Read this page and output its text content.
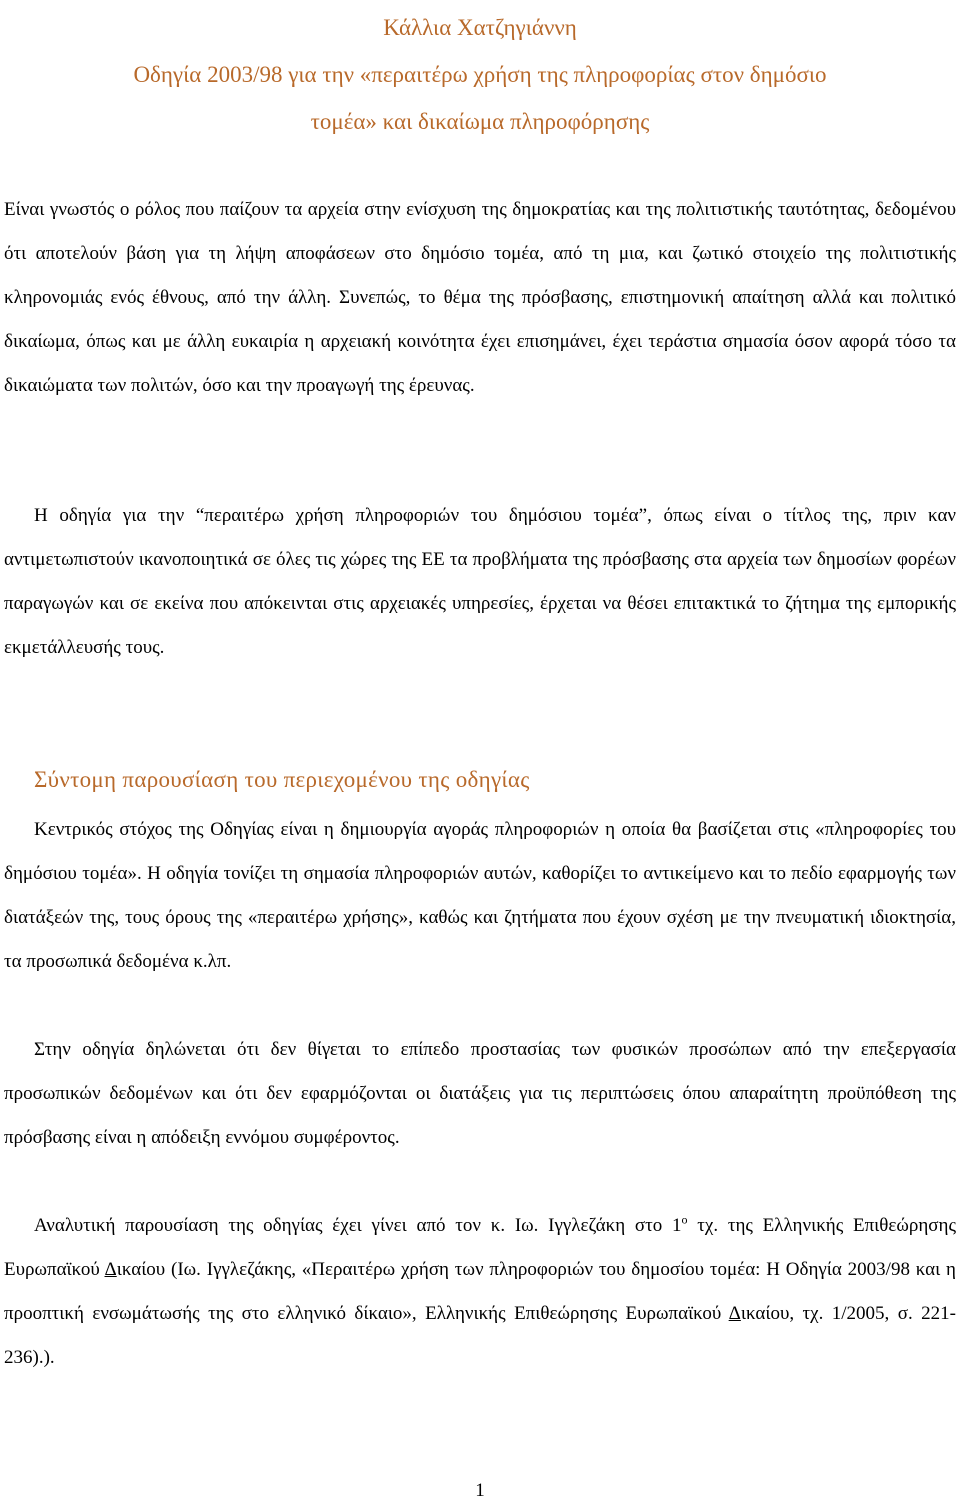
Κάλλια Χατζηγιάννη
Οδηγία 2003/98 για την «περαιτέρω χρήση της πληροφορίας στον δημόσιο
τομέα» και δικαίωμα πληροφόρησης

Είναι γνωστός ο ρόλος που παίζουν τα αρχεία στην ενίσχυση της δημοκρατίας και της πολιτιστικής ταυτότητας, δεδομένου ότι αποτελούν βάση για τη λήψη αποφάσεων στο δημόσιο τομέα, από τη μια, και ζωτικό στοιχείο της πολιτιστικής κληρονομιάς ενός έθνους, από την άλλη. Συνεπώς, το θέμα της πρόσβασης, επιστημονική απαίτηση αλλά και πολιτικό δικαίωμα, όπως και με άλλη ευκαιρία η αρχειακή κοινότητα έχει επισημάνει, έχει τεράστια σημασία όσον αφορά τόσο τα δικαιώματα των πολιτών, όσο και την προαγωγή της έρευνας.

Η οδηγία για την “περαιτέρω χρήση πληροφοριών του δημόσιου τομέα”, όπως είναι ο τίτλος της, πριν καν αντιμετωπιστούν ικανοποιητικά σε όλες τις χώρες της ΕΕ τα προβλήματα της πρόσβασης στα αρχεία των δημοσίων φορέων παραγωγών και σε εκείνα που απόκεινται στις αρχειακές υπηρεσίες, έρχεται να θέσει επιτακτικά το ζήτημα της εμπορικής εκμετάλλευσής τους.

Σύντομη παρουσίαση του περιεχομένου της οδηγίας

Κεντρικός στόχος της Οδηγίας είναι η δημιουργία αγοράς πληροφοριών η οποία θα βασίζεται στις «πληροφορίες του δημόσιου τομέα». Η οδηγία τονίζει τη σημασία πληροφοριών αυτών, καθορίζει το αντικείμενο και το πεδίο εφαρμογής των διατάξεών της, τους όρους της «περαιτέρω χρήσης», καθώς και ζητήματα που έχουν σχέση με την πνευματική ιδιοκτησία, τα προσωπικά δεδομένα κ.λπ.

Στην οδηγία δηλώνεται ότι δεν θίγεται το επίπεδο προστασίας των φυσικών προσώπων από την επεξεργασία προσωπικών δεδομένων και ότι δεν εφαρμόζονται οι διατάξεις για τις περιπτώσεις όπου απαραίτητη προϋπόθεση της πρόσβασης είναι η απόδειξη εννόμου συμφέροντος.

Αναλυτική παρουσίαση της οδηγίας έχει γίνει από τον κ. Ιω. Ιγγλεζάκη στο $1^o$ τχ. της Ελληνικής Επιθεώρησης Ευρωπαϊκού Δικαίου (Ιω. Ιγγλεζάκης, «Περαιτέρω χρήση των πληροφοριών του δημοσίου τομέα: Η Οδηγία 2003/98 και η προοπτική ενσωμάτωσής της στο ελληνικό δίκαιο», Ελληνικής Επιθεώρησης Ευρωπαϊκού Δικαίου, τχ. 1/2005, σ. 221-236).).

1
